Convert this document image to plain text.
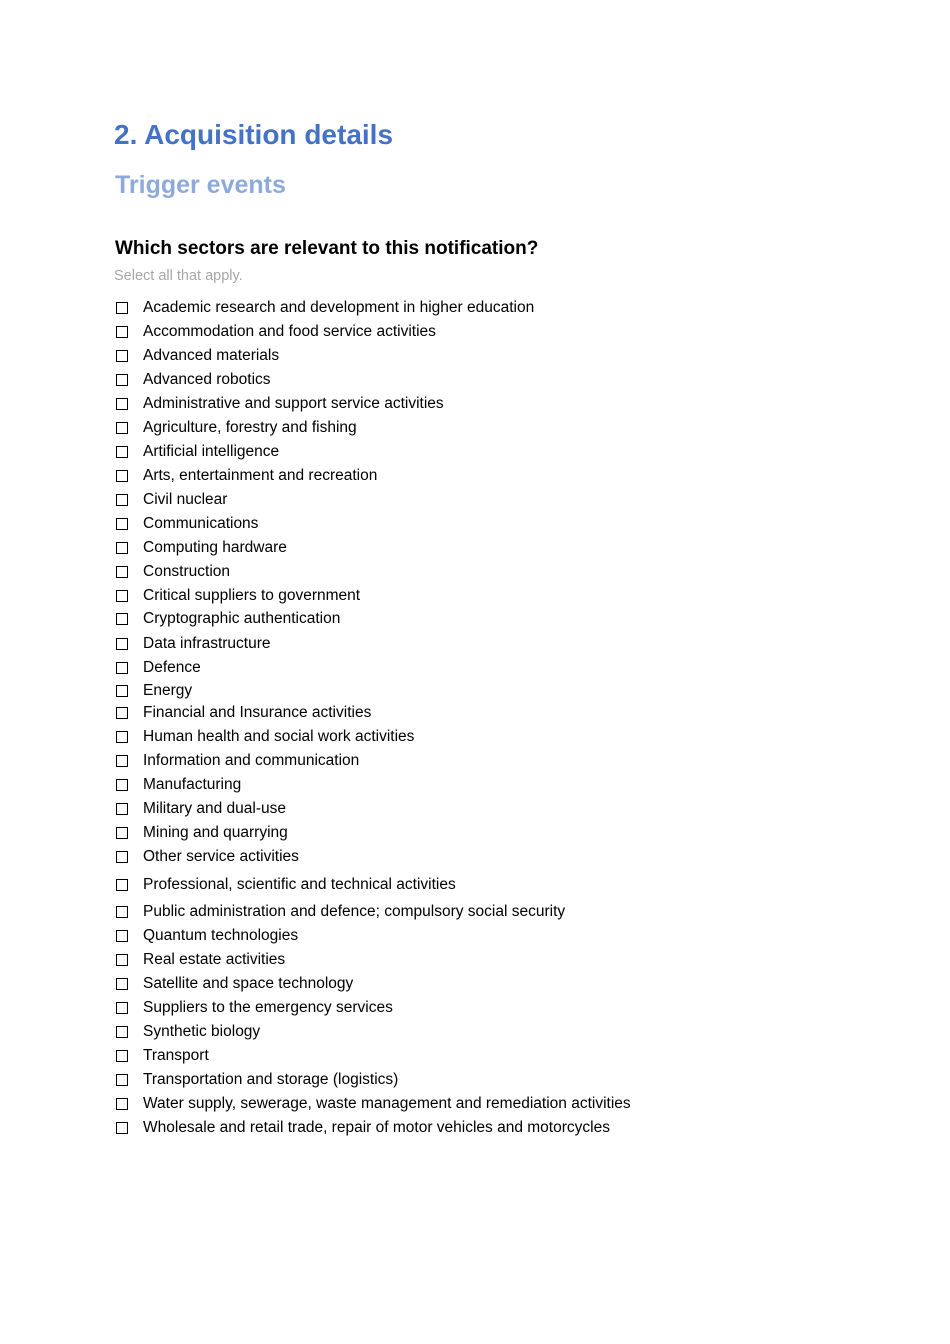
2. Acquisition details
Trigger events
Which sectors are relevant to this notification?
Select all that apply.
Academic research and development in higher education
Accommodation and food service activities
Advanced materials
Advanced robotics
Administrative and support service activities
Agriculture, forestry and fishing
Artificial intelligence
Arts, entertainment and recreation
Civil nuclear
Communications
Computing hardware
Construction
Critical suppliers to government
Cryptographic authentication
Data infrastructure
Defence
Energy
Financial and Insurance activities
Human health and social work activities
Information and communication
Manufacturing
Military and dual-use
Mining and quarrying
Other service activities
Professional, scientific and technical activities
Public administration and defence; compulsory social security
Quantum technologies
Real estate activities
Satellite and space technology
Suppliers to the emergency services
Synthetic biology
Transport
Transportation and storage (logistics)
Water supply, sewerage, waste management and remediation activities
Wholesale and retail trade, repair of motor vehicles and motorcycles
